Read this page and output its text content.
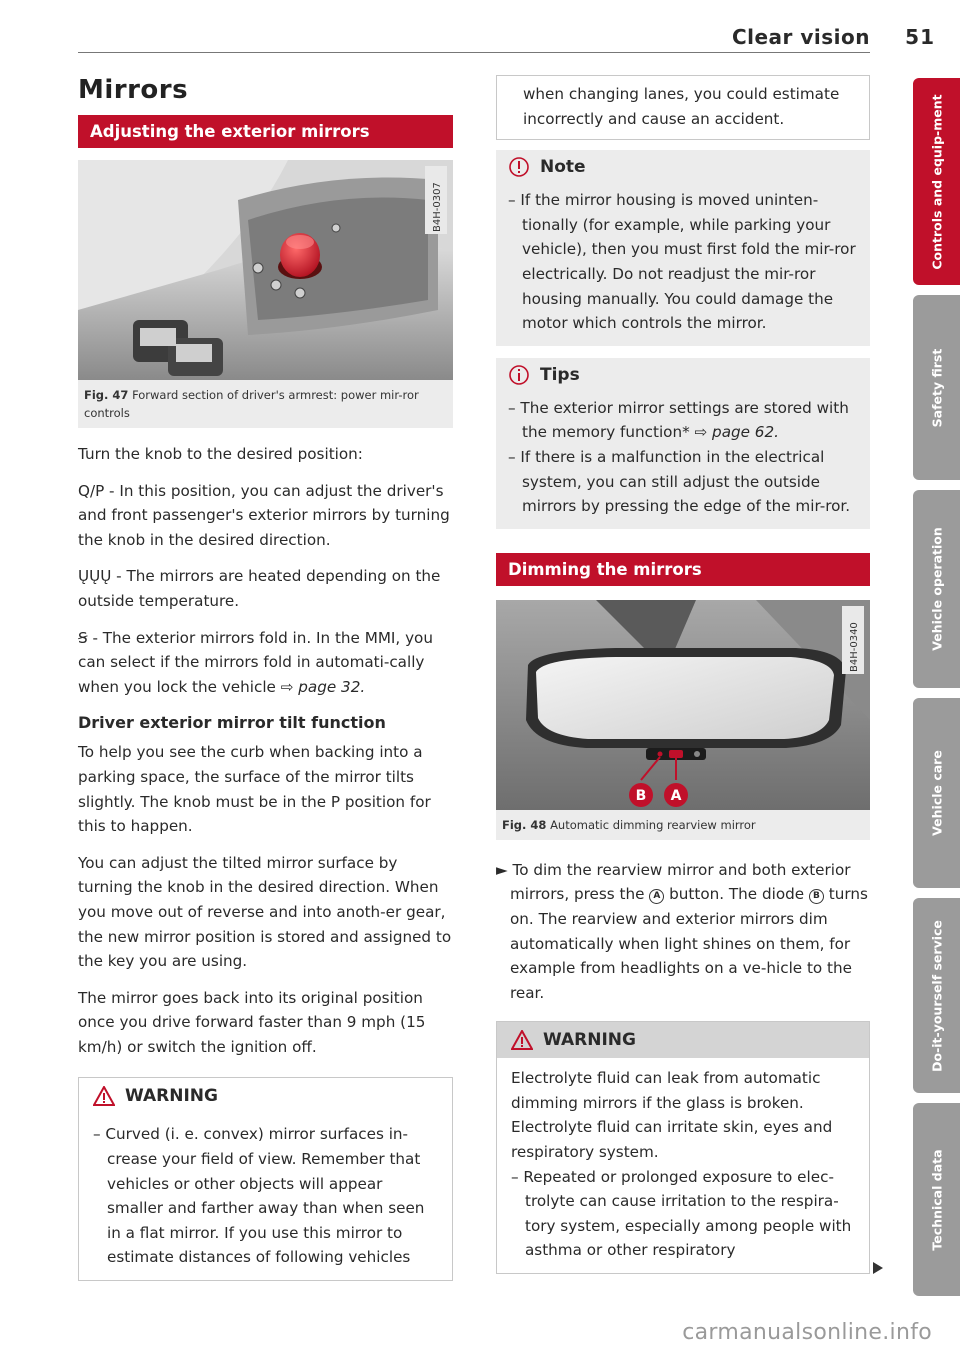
Clear vision 51
Mirrors
Adjusting the exterior mirrors
B4H-0307
Fig. 47 Forward section of driver's armrest: power mir-ror controls

Turn the knob to the desired position:

Q/P - In this position, you can adjust the driver's and front passenger's exterior mirrors by turning the knob in the desired direction.

ŲŲŲ - The mirrors are heated depending on the outside temperature.

Ꞩ - The exterior mirrors fold in. In the MMI, you can select if the mirrors fold in automati-cally when you lock the vehicle ⇨ page 32.

Driver exterior mirror tilt function

To help you see the curb when backing into a parking space, the surface of the mirror tilts slightly. The knob must be in the P position for this to happen.

You can adjust the tilted mirror surface by turning the knob in the desired direction. When you move out of reverse and into anoth-er gear, the new mirror position is stored and assigned to the key you are using.

The mirror goes back into its original position once you drive forward faster than 9 mph (15 km/h) or switch the ignition off.

WARNING
– Curved (i. e. convex) mirror surfaces in-crease your field of view. Remember that vehicles or other objects will appear smaller and farther away than when seen in a flat mirror. If you use this mirror to estimate distances of following vehicles
when changing lanes, you could estimate incorrectly and cause an accident.
Note
– If the mirror housing is moved uninten-tionally (for example, while parking your vehicle), then you must first fold the mir-ror electrically. Do not readjust the mir-ror housing manually. You could damage the motor which controls the mirror.
Tips
– The exterior mirror settings are stored with the memory function* ⇨ page 62.
– If there is a malfunction in the electrical system, you can still adjust the outside mirrors by pressing the edge of the mir-ror.
Dimming the mirrors
B A
B4H-0340
Fig. 48 Automatic dimming rearview mirror
► To dim the rearview mirror and both exterior mirrors, press the A button. The diode B turns on. The rearview and exterior mirrors dim automatically when light shines on them, for example from headlights on a ve-hicle to the rear.
WARNING
Electrolyte fluid can leak from automatic dimming mirrors if the glass is broken. Electrolyte fluid can irritate skin, eyes and respiratory system.
– Repeated or prolonged exposure to elec-trolyte can cause irritation to the respira-tory system, especially among people with asthma or other respiratory
Controls and equip-ment
Safety first
Vehicle operation
Vehicle care
Do-it-yourself service
Technical data
carmanualsonline.info
